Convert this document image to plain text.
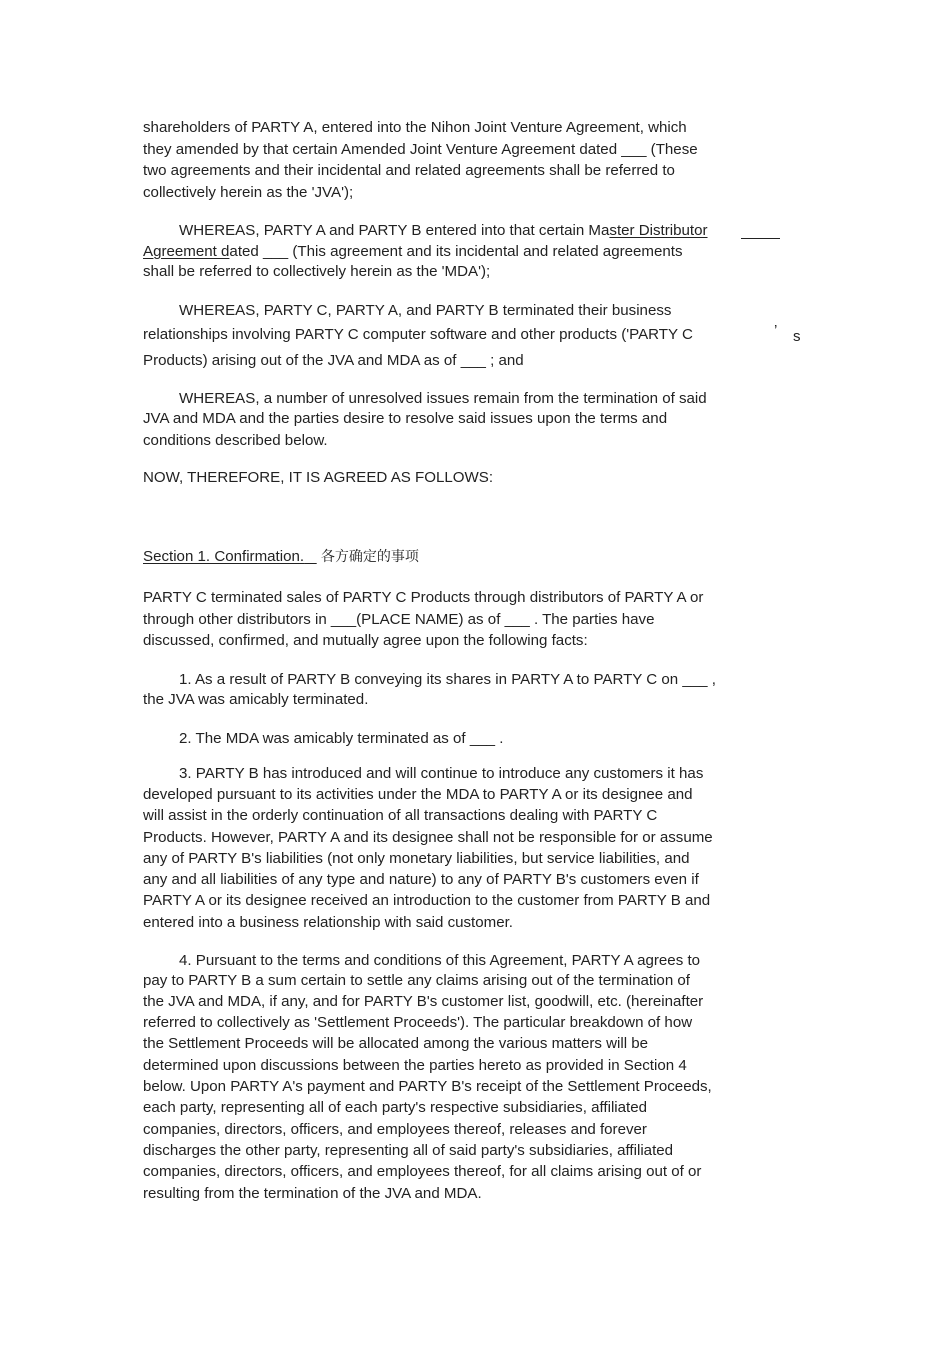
shareholders of PARTY A, entered into the Nihon Joint Venture Agreement, which
they amended by that certain Amended Joint Venture Agreement dated ___ (These
two agreements and their incidental and related agreements shall be referred to
collectively herein as the 'JVA');
WHEREAS, PARTY A and PARTY B entered into that certain Master Distributor
Agreement dated ___ (This agreement and its incidental and related agreements
shall be referred to collectively herein as the 'MDA');
WHEREAS, PARTY C, PARTY A, and PARTY B terminated their business
relationships involving PARTY C computer software and other products ('PARTY C	’ s
Products) arising out of the JVA and MDA as of ___ ; and
WHEREAS, a number of unresolved issues remain from the termination of said
JVA and MDA and the parties desire to resolve said issues upon the terms and
conditions described below.
NOW, THEREFORE, IT IS AGREED AS FOLLOWS:
Section 1. Confirmation. 各方确定的事项
PARTY C terminated sales of PARTY C Products through distributors of PARTY A or
through other distributors in ___(PLACE NAME) as of ___ . The parties have
discussed, confirmed, and mutually agree upon the following facts:
1. As a result of PARTY B conveying its shares in PARTY A to PARTY C on ___ ,
the JVA was amicably terminated.
2. The MDA was amicably terminated as of ___ .
3. PARTY B has introduced and will continue to introduce any customers it has
developed pursuant to its activities under the MDA to PARTY A or its designee and
will assist in the orderly continuation of all transactions dealing with PARTY C
Products. However, PARTY A and its designee shall not be responsible for or assume
any of PARTY B's liabilities (not only monetary liabilities, but service liabilities, and
any and all liabilities of any type and nature) to any of PARTY B's customers even if
PARTY A or its designee received an introduction to the customer from PARTY B and
entered into a business relationship with said customer.
4. Pursuant to the terms and conditions of this Agreement, PARTY A agrees to
pay to PARTY B a sum certain to settle any claims arising out of the termination of
the JVA and MDA, if any, and for PARTY B's customer list, goodwill, etc. (hereinafter
referred to collectively as 'Settlement Proceeds'). The particular breakdown of how
the Settlement Proceeds will be allocated among the various matters will be
determined upon discussions between the parties hereto as provided in Section 4
below. Upon PARTY A's payment and PARTY B's receipt of the Settlement Proceeds,
each party, representing all of each party's respective subsidiaries, affiliated
companies, directors, officers, and employees thereof, releases and forever
discharges the other party, representing all of said party's subsidiaries, affiliated
companies, directors, officers, and employees thereof, for all claims arising out of or
resulting from the termination of the JVA and MDA.
